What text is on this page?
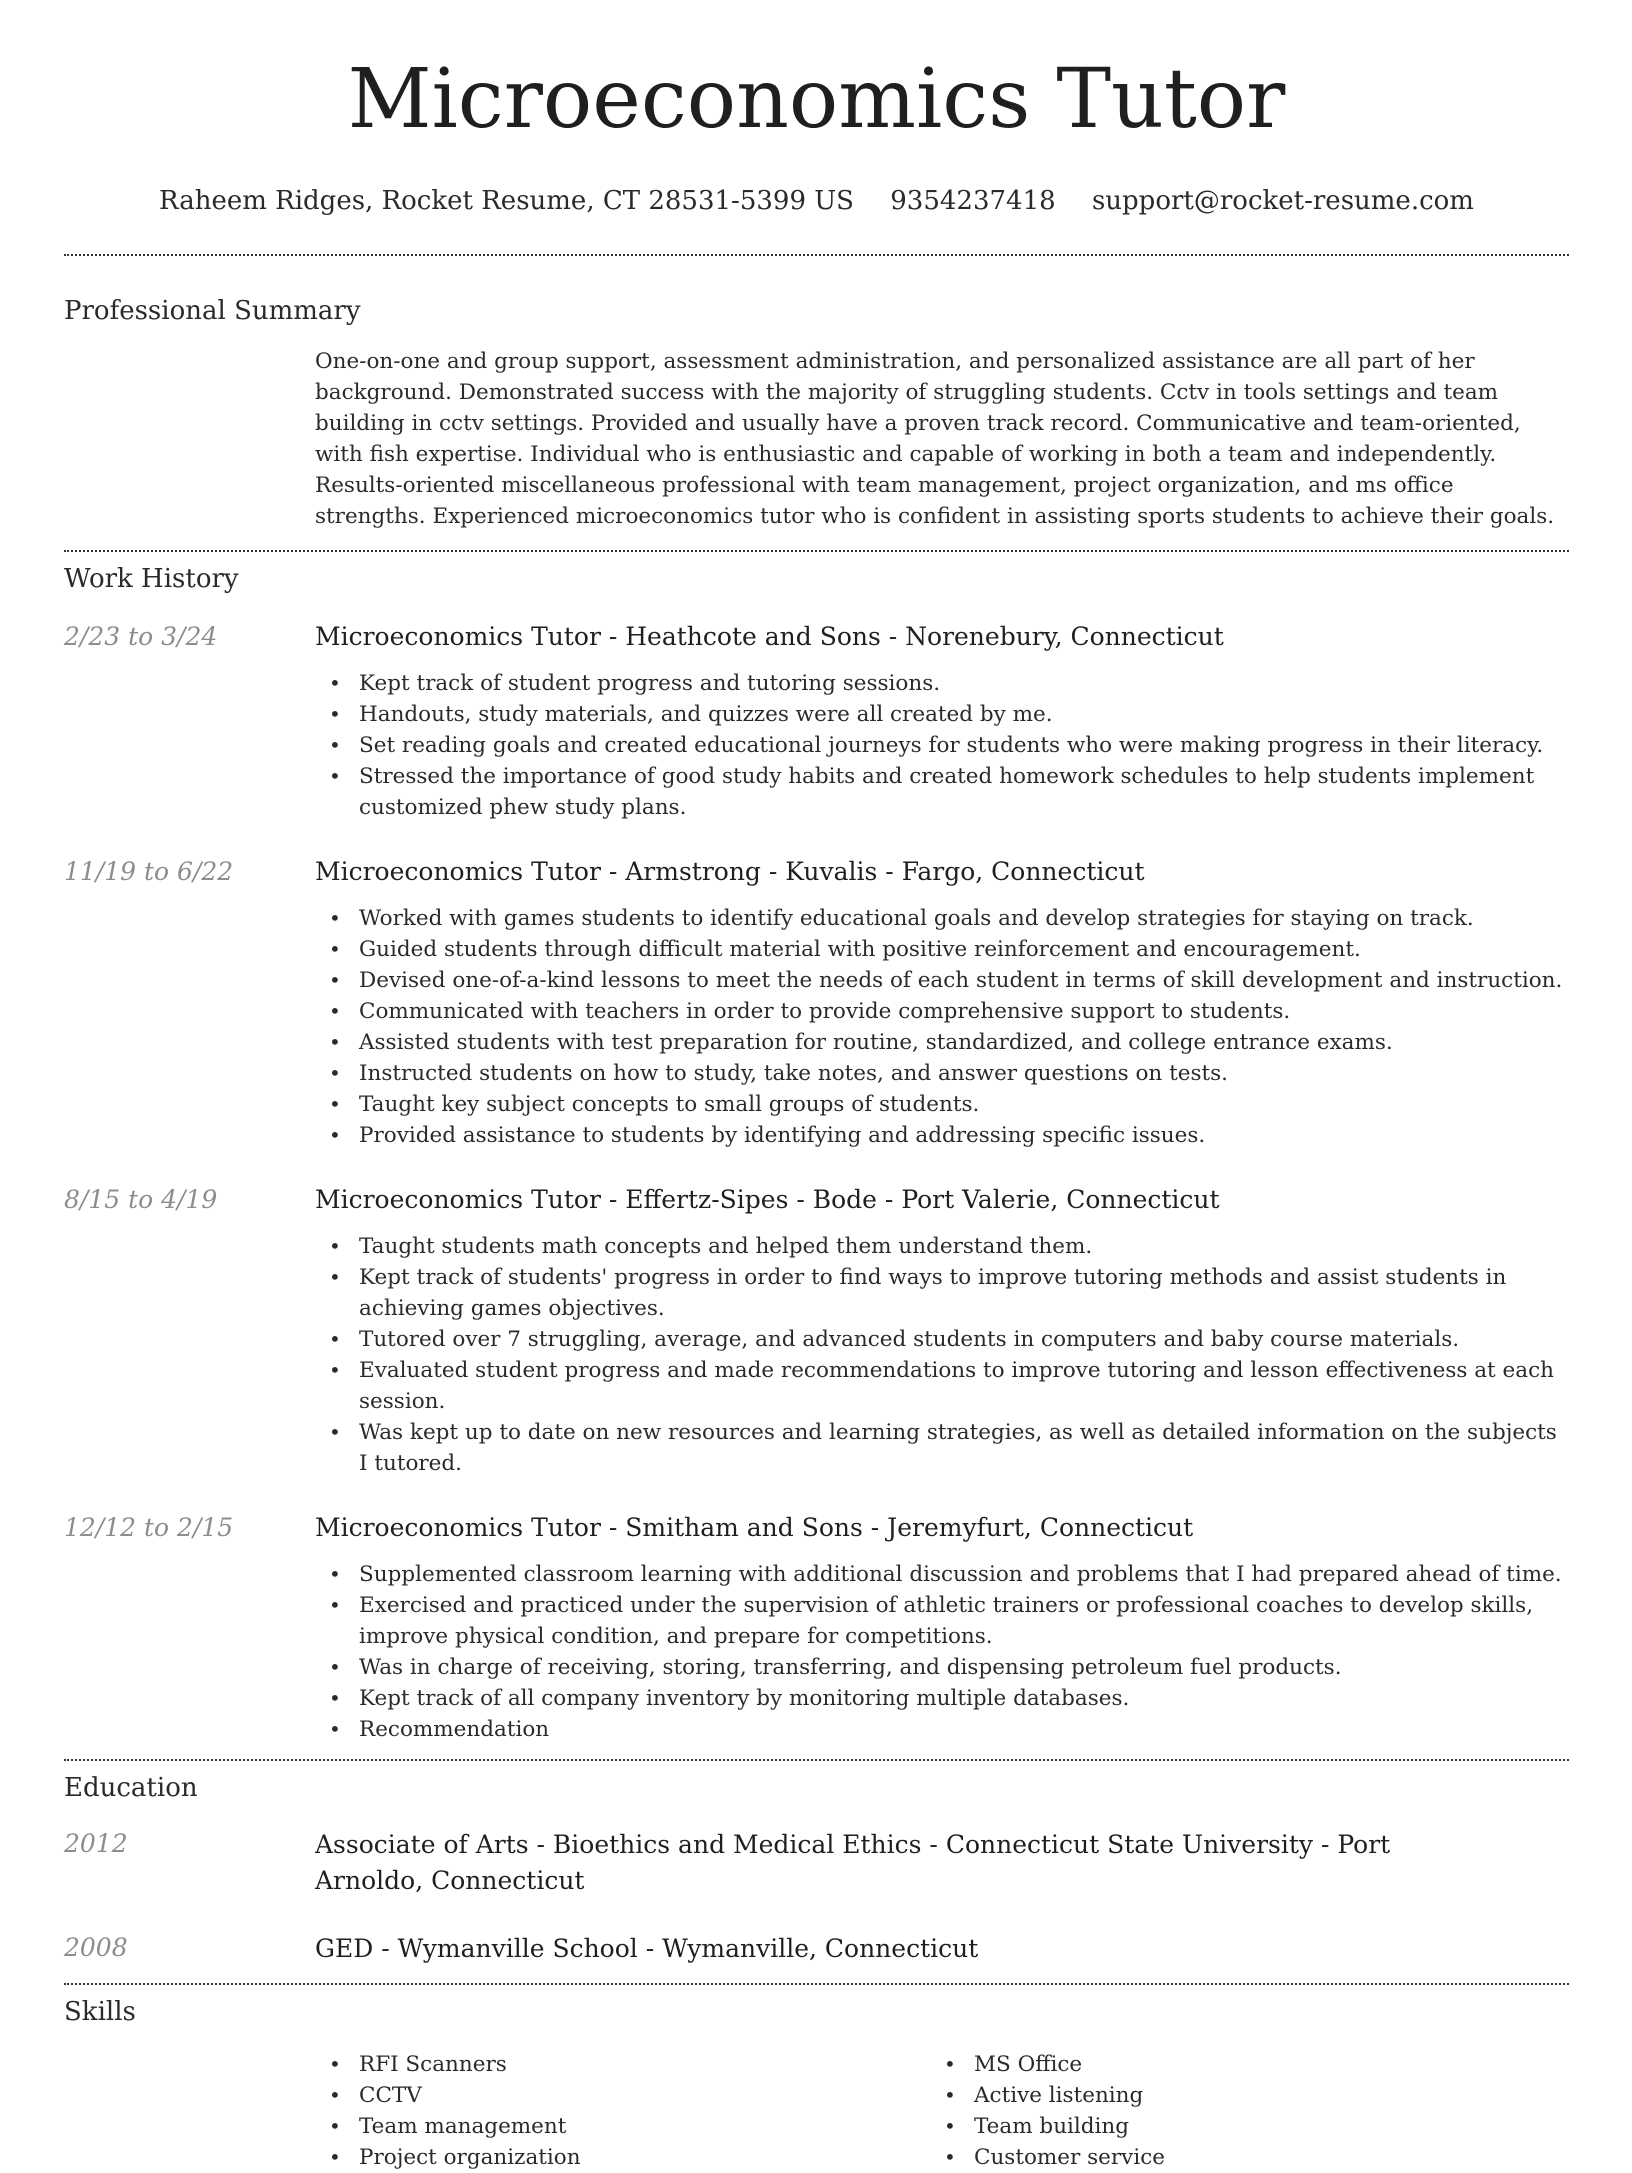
Microeconomics Tutor
Raheem Ridges, Rocket Resume, CT 28531-5399 US 9354237418 support@rocket-resume.com
Professional Summary
One-on-one and group support, assessment administration, and personalized assistance are all part of her background. Demonstrated success with the majority of struggling students. Cctv in tools settings and team building in cctv settings. Provided and usually have a proven track record. Communicative and team-oriented, with fish expertise. Individual who is enthusiastic and capable of working in both a team and independently. Results-oriented miscellaneous professional with team management, project organization, and ms office strengths. Experienced microeconomics tutor who is confident in assisting sports students to achieve their goals.
Work History
2/23 to 3/24	Microeconomics Tutor - Heathcote and Sons - Norenebury, Connecticut
• Kept track of student progress and tutoring sessions.
• Handouts, study materials, and quizzes were all created by me.
• Set reading goals and created educational journeys for students who were making progress in their literacy.
• Stressed the importance of good study habits and created homework schedules to help students implement customized phew study plans.
11/19 to 6/22	Microeconomics Tutor - Armstrong - Kuvalis - Fargo, Connecticut
• Worked with games students to identify educational goals and develop strategies for staying on track.
• Guided students through difficult material with positive reinforcement and encouragement.
• Devised one-of-a-kind lessons to meet the needs of each student in terms of skill development and instruction.
• Communicated with teachers in order to provide comprehensive support to students.
• Assisted students with test preparation for routine, standardized, and college entrance exams.
• Instructed students on how to study, take notes, and answer questions on tests.
• Taught key subject concepts to small groups of students.
• Provided assistance to students by identifying and addressing specific issues.
8/15 to 4/19	Microeconomics Tutor - Effertz-Sipes - Bode - Port Valerie, Connecticut
• Taught students math concepts and helped them understand them.
• Kept track of students' progress in order to find ways to improve tutoring methods and assist students in achieving games objectives.
• Tutored over 7 struggling, average, and advanced students in computers and baby course materials.
• Evaluated student progress and made recommendations to improve tutoring and lesson effectiveness at each session.
• Was kept up to date on new resources and learning strategies, as well as detailed information on the subjects I tutored.
12/12 to 2/15	Microeconomics Tutor - Smitham and Sons - Jeremyfurt, Connecticut
• Supplemented classroom learning with additional discussion and problems that I had prepared ahead of time.
• Exercised and practiced under the supervision of athletic trainers or professional coaches to develop skills, improve physical condition, and prepare for competitions.
• Was in charge of receiving, storing, transferring, and dispensing petroleum fuel products.
• Kept track of all company inventory by monitoring multiple databases.
• Recommendation
Education
2012	Associate of Arts - Bioethics and Medical Ethics - Connecticut State University - Port Arnoldo, Connecticut
2008	GED - Wymanville School - Wymanville, Connecticut
Skills
• RFI Scanners
• CCTV
• Team management
• Project organization
• MS Office
• Active listening
• Team building
• Customer service
